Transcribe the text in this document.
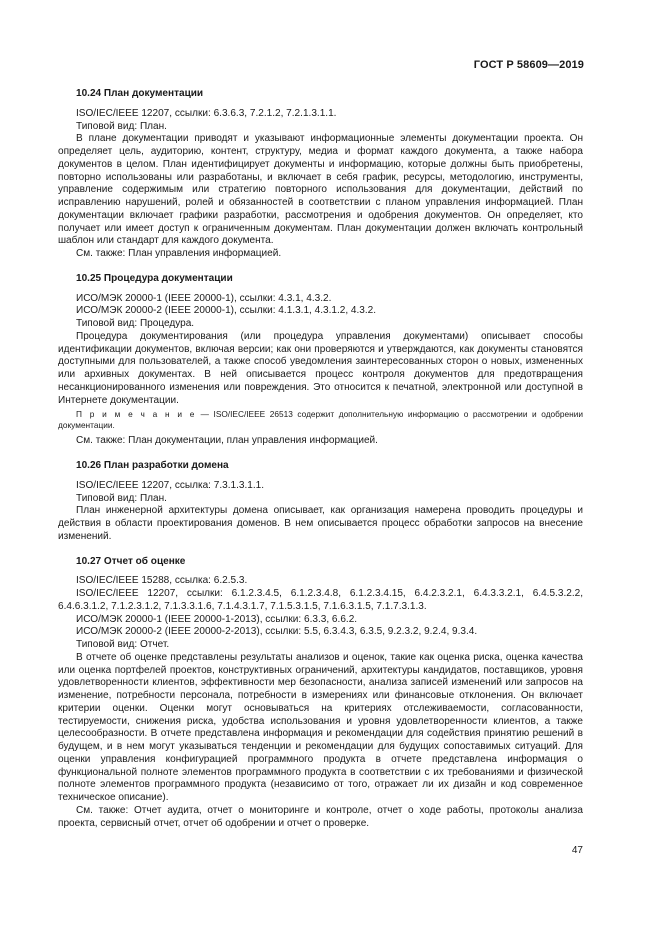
ГОСТ Р 58609—2019

10.24 План документации

ISO/IEC/IEEE 12207, ссылки: 6.3.6.3, 7.2.1.2, 7.2.1.3.1.1.

Типовой вид: План.

В плане документации приводят и указывают информационные элементы документации проекта. Он определяет цель, аудиторию, контент, структуру, медиа и формат каждого документа, а также набора документов в целом. План идентифицирует документы и информацию, которые должны быть приобретены, повторно использованы или разработаны, и включает в себя график, ресурсы, методологию, инструменты, управление содержимым или стратегию повторного использования для документации, действий по исправлению нарушений, ролей и обязанностей в соответствии с планом управления информацией. План документации включает графики разработки, рассмотрения и одобрения документов. Он определяет, кто получает или имеет доступ к ограниченным документам. План документации должен включать контрольный шаблон или стандарт для каждого документа.

См. также: План управления информацией.

10.25 Процедура документации

ИСО/МЭК 20000-1 (IEEE 20000-1), ссылки: 4.3.1, 4.3.2.

ИСО/МЭК 20000-2 (IEEE 20000-1), ссылки: 4.1.3.1, 4.3.1.2, 4.3.2.

Типовой вид: Процедура.

Процедура документирования (или процедура управления документами) описывает способы идентификации документов, включая версии; как они проверяются и утверждаются, как документы становятся доступными для пользователей, а также способ уведомления заинтересованных сторон о новых, измененных или архивных документах. В ней описывается процесс контроля документов для предотвращения несанкционированного изменения или повреждения. Это относится к печатной, электронной или доступной в Интернете документации.

П р и м е ч а н и е — ISO/IEC/IEEE 26513 содержит дополнительную информацию о рассмотрении и одобрении документации.

См. также: План документации, план управления информацией.

10.26 План разработки домена

ISO/IEC/IEEE 12207, ссылка: 7.3.1.3.1.1.

Типовой вид: План.

План инженерной архитектуры домена описывает, как организация намерена проводить процедуры и действия в области проектирования доменов. В нем описывается процесс обработки запросов на внесение изменений.

10.27 Отчет об оценке

ISO/IEC/IEEE 15288, ссылка: 6.2.5.3.

ISO/IEC/IEEE 12207, ссылки: 6.1.2.3.4.5, 6.1.2.3.4.8, 6.1.2.3.4.15, 6.4.2.3.2.1, 6.4.3.3.2.1, 6.4.5.3.2.2, 6.4.6.3.1.2, 7.1.2.3.1.2, 7.1.3.3.1.6, 7.1.4.3.1.7, 7.1.5.3.1.5, 7.1.6.3.1.5, 7.1.7.3.1.3.

ИСО/МЭК 20000-1 (IEEE 20000-1-2013), ссылки: 6.3.3, 6.6.2.

ИСО/МЭК 20000-2 (IEEE 20000-2-2013), ссылки: 5.5, 6.3.4.3, 6.3.5, 9.2.3.2, 9.2.4, 9.3.4.

Типовой вид: Отчет.

В отчете об оценке представлены результаты анализов и оценок, такие как оценка риска, оценка качества или оценка портфелей проектов, конструктивных ограничений, архитектуры кандидатов, поставщиков, уровня удовлетворенности клиентов, эффективности мер безопасности, анализа записей изменений или запросов на изменение, потребности персонала, потребности в измерениях или финансовые отклонения. Он включает критерии оценки. Оценки могут основываться на критериях отслеживаемости, согласованности, тестируемости, снижения риска, удобства использования и уровня удовлетворенности клиентов, а также целесообразности. В отчете представлена информация и рекомендации для содействия принятию решений в будущем, и в нем могут указываться тенденции и рекомендации для будущих сопоставимых ситуаций. Для оценки управления конфигурацией программного продукта в отчете представлена информация о функциональной полноте элементов программного продукта в соответствии с их требованиями и физической полноте элементов программного продукта (независимо от того, отражает ли их дизайн и код современное техническое описание).

См. также: Отчет аудита, отчет о мониторинге и контроле, отчет о ходе работы, протоколы анализа проекта, сервисный отчет, отчет об одобрении и отчет о проверке.

47
